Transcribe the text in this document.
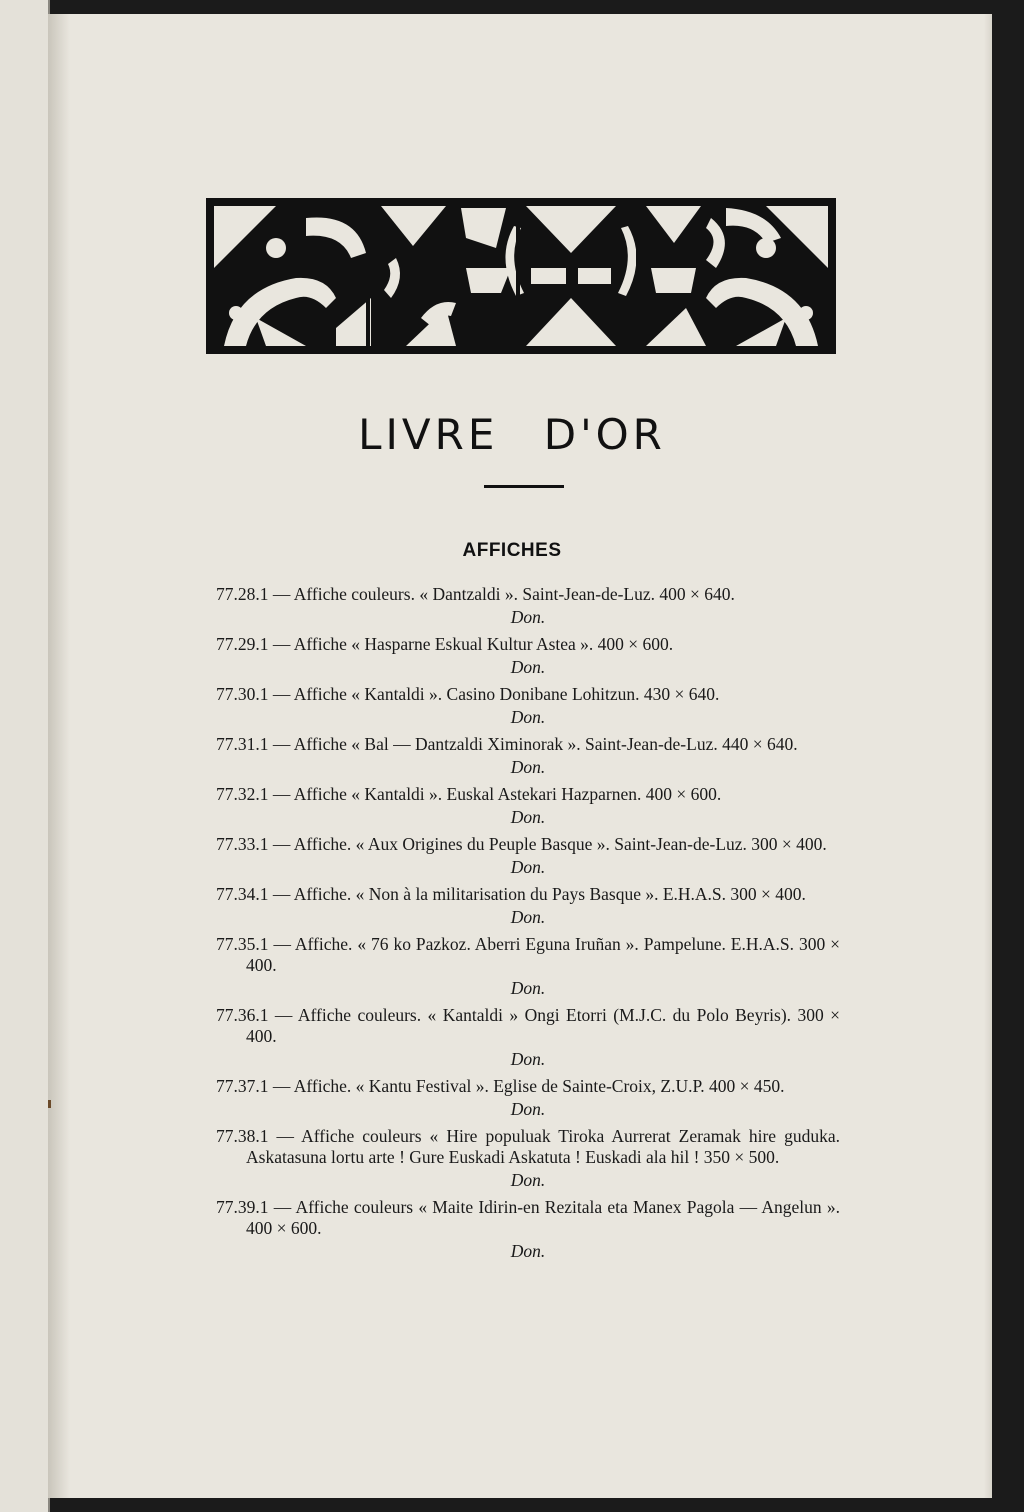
LIVRE D'OR
AFFICHES
77.28.1 — Affiche couleurs. « Dantzaldi ». Saint-Jean-de-Luz. 400 × 640.
Don.
77.29.1 — Affiche « Hasparne Eskual Kultur Astea ». 400 × 600.
Don.
77.30.1 — Affiche « Kantaldi ». Casino Donibane Lohitzun. 430 × 640.
Don.
77.31.1 — Affiche « Bal — Dantzaldi Ximinorak ». Saint-Jean-de-Luz. 440 × 640.
Don.
77.32.1 — Affiche « Kantaldi ». Euskal Astekari Hazparnen. 400 × 600.
Don.
77.33.1 — Affiche. « Aux Origines du Peuple Basque ». Saint-Jean-de-Luz. 300 × 400.
Don.
77.34.1 — Affiche. « Non à la militarisation du Pays Basque ». E.H.A.S. 300 × 400.
Don.
77.35.1 — Affiche. « 76 ko Pazkoz. Aberri Eguna Iruñan ». Pampelune. E.H.A.S. 300 × 400.
Don.
77.36.1 — Affiche couleurs. « Kantaldi » Ongi Etorri (M.J.C. du Polo Beyris). 300 × 400.
Don.
77.37.1 — Affiche. « Kantu Festival ». Eglise de Sainte-Croix, Z.U.P. 400 × 450.
Don.
77.38.1 — Affiche couleurs « Hire populuak Tiroka Aurrerat Zeramak hire guduka. Askatasuna lortu arte ! Gure Euskadi Askatuta ! Euskadi ala hil ! 350 × 500.
Don.
77.39.1 — Affiche couleurs « Maite Idirin-en Rezitala eta Manex Pagola — Angelun ». 400 × 600.
Don.
